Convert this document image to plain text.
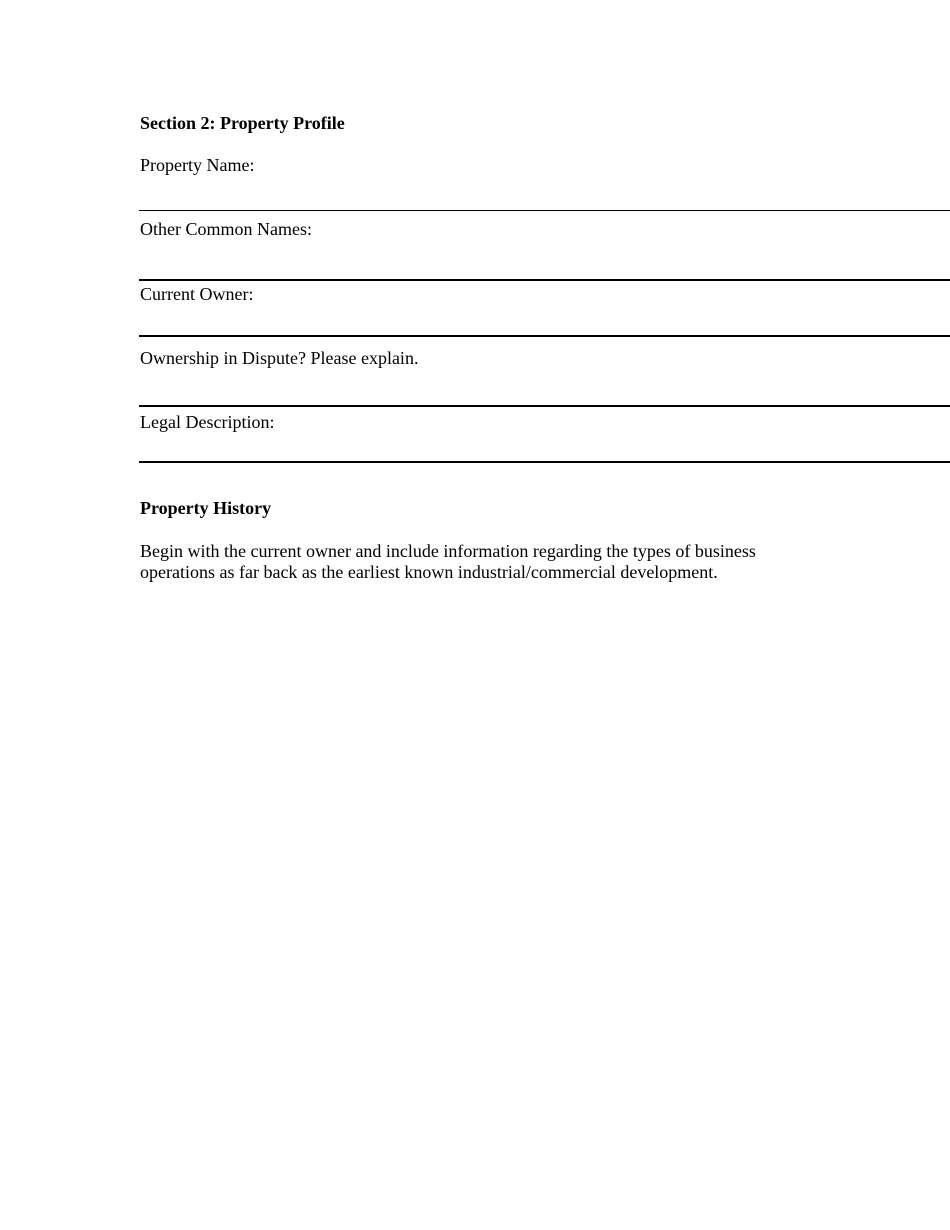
Section 2: Property Profile
Property Name:
Other Common Names:
Current Owner:
Ownership in Dispute? Please explain.
Legal Description:
Property History
Begin with the current owner and include information regarding the types of business operations as far back as the earliest known industrial/commercial development.
